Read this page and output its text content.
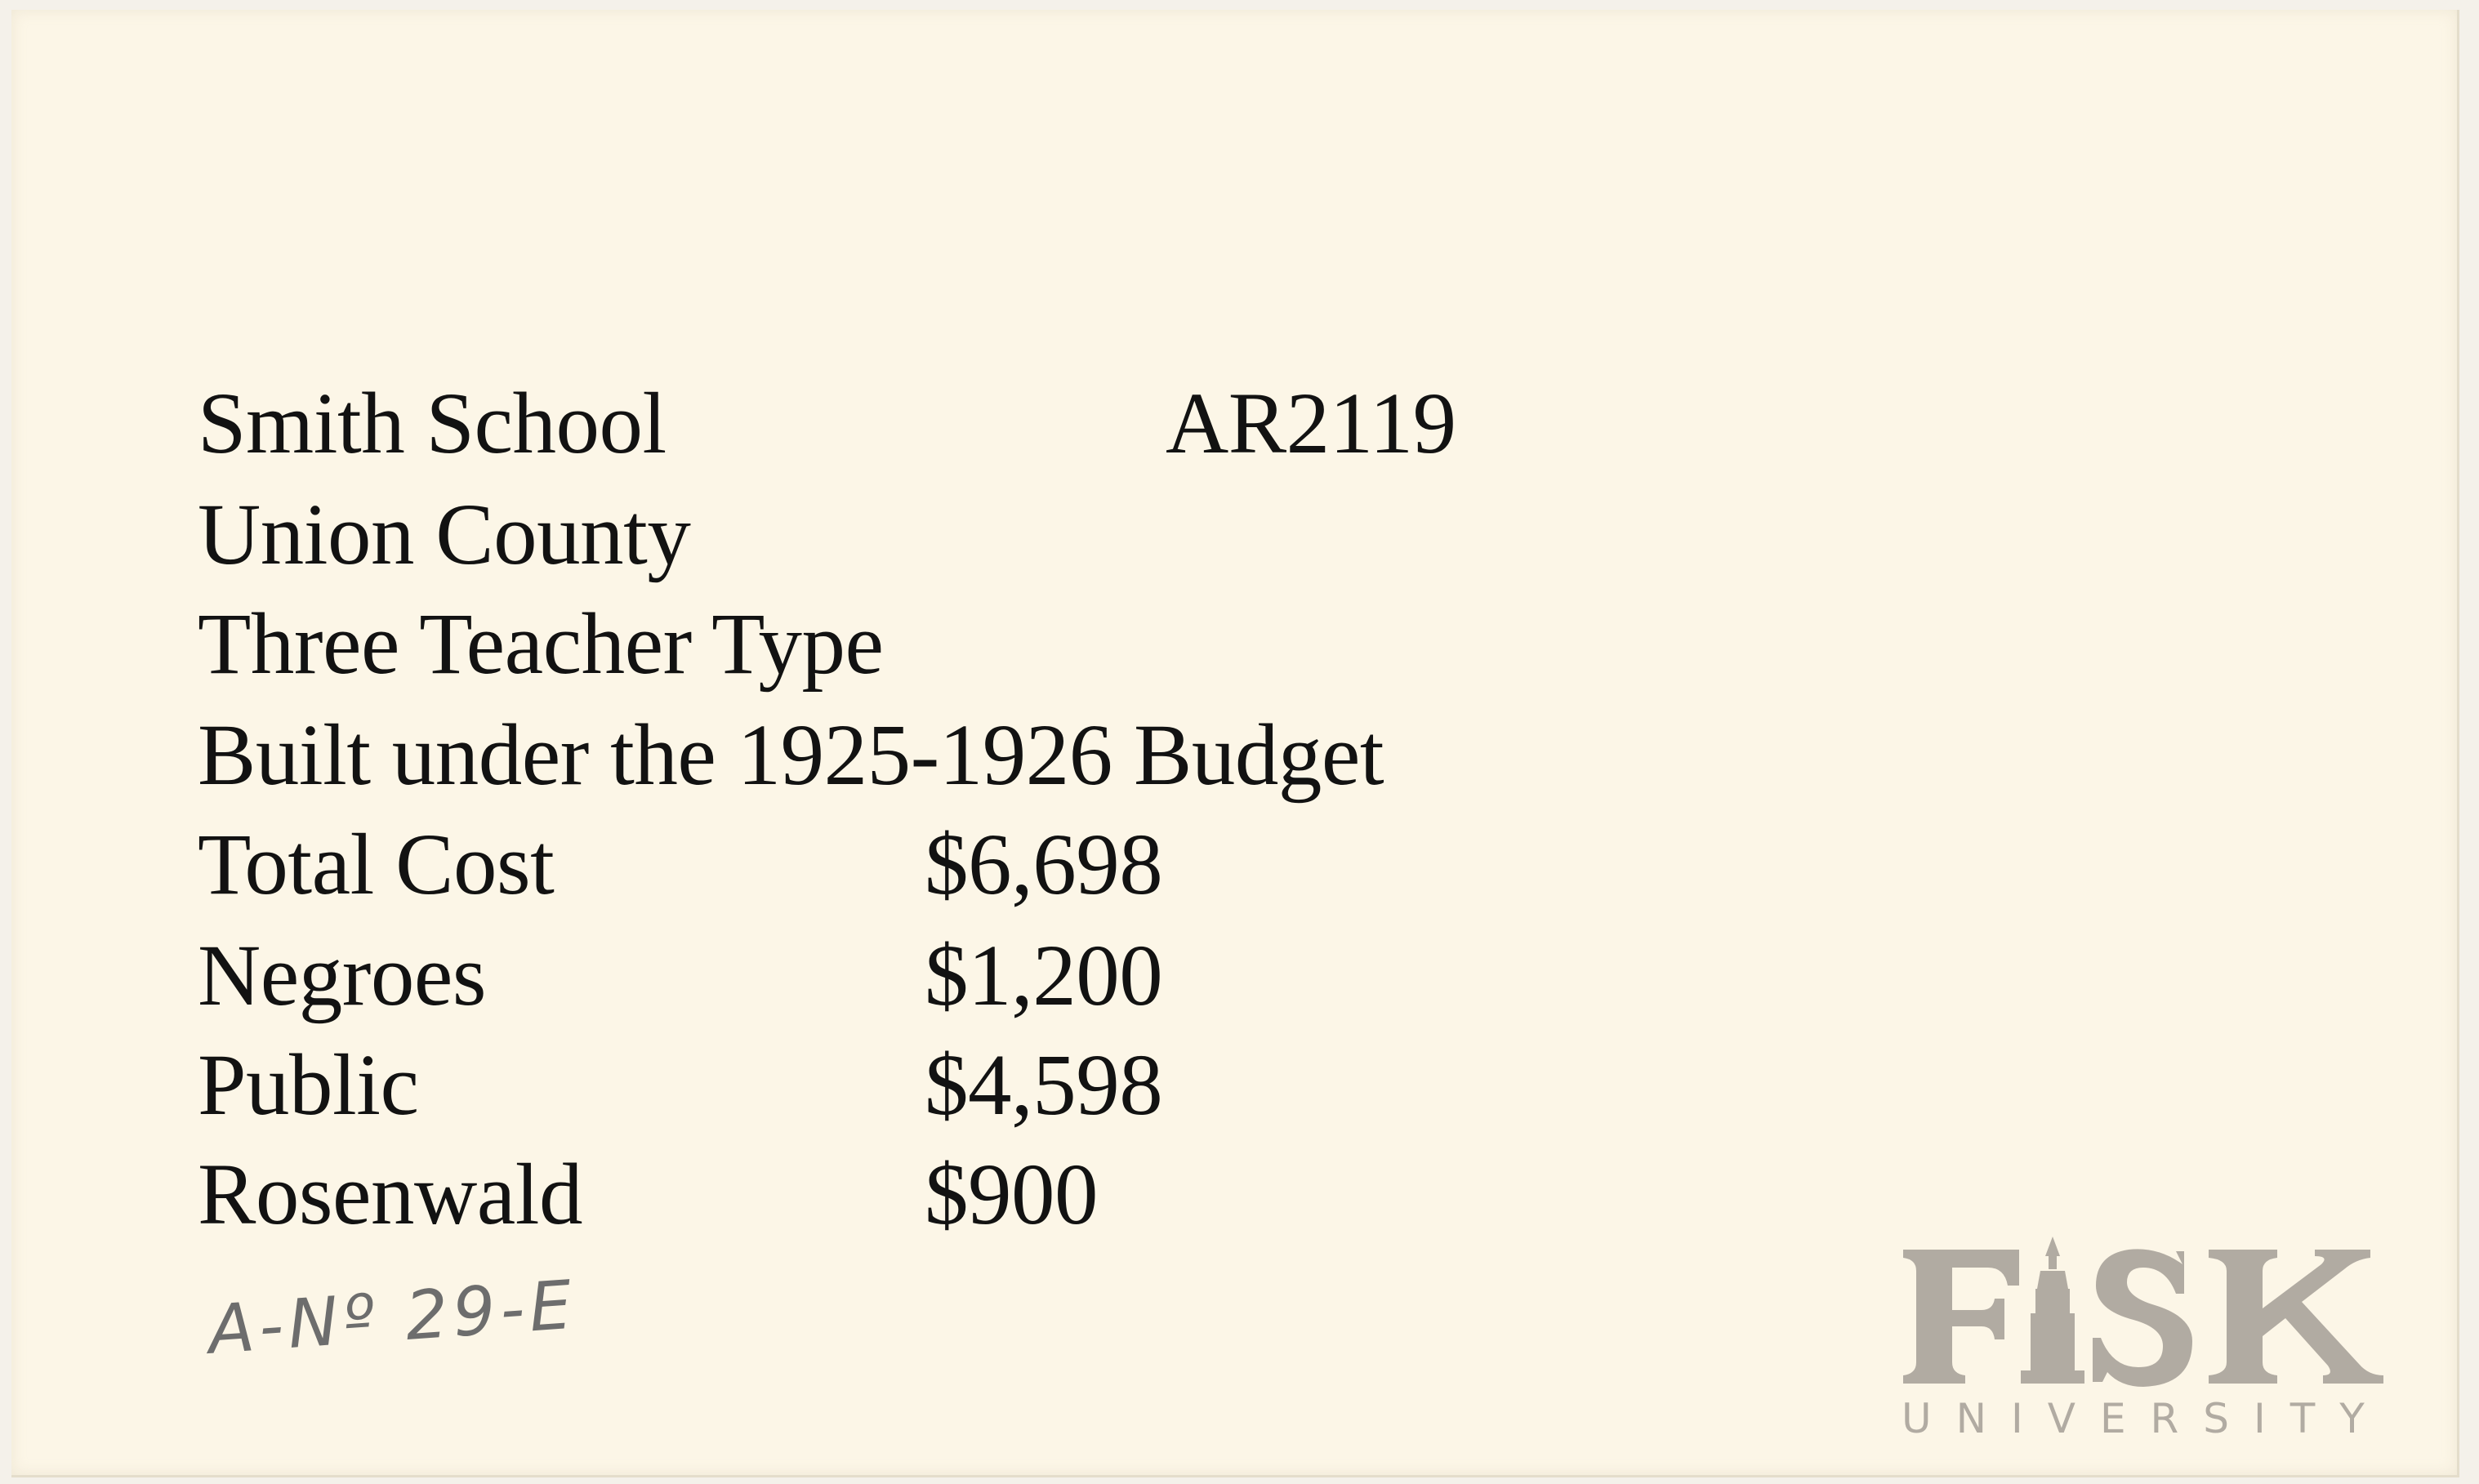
Smith School	AR2119
Union County
Three Teacher Type
Built under the 1925-1926 Budget
Total Cost	$6,698
Negroes	$1,200
Public	$4,598
Rosenwald	$900
A-Nº 29-E
UNIVERSITY
